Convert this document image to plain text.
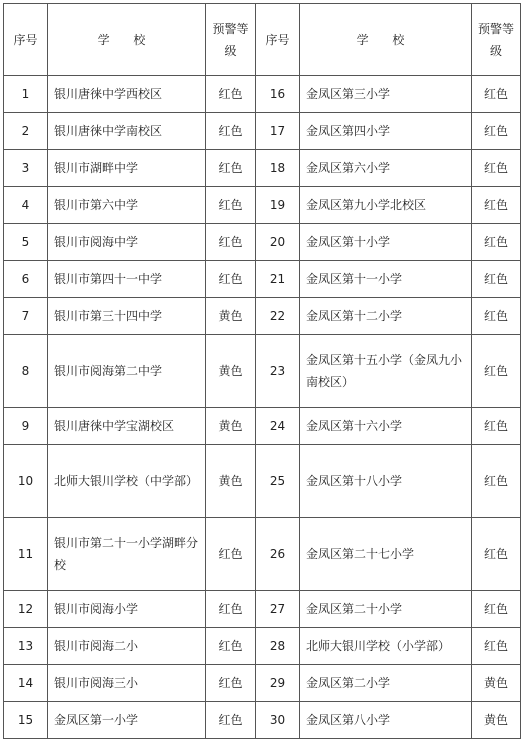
序号	学 校	预警等级	序号	学 校	预警等级
1	银川唐徕中学西校区	红色	16	金凤区第三小学	红色
2	银川唐徕中学南校区	红色	17	金凤区第四小学	红色
3	银川市湖畔中学	红色	18	金凤区第六小学	红色
4	银川市第六中学	红色	19	金凤区第九小学北校区	红色
5	银川市阅海中学	红色	20	金凤区第十小学	红色
6	银川市第四十一中学	红色	21	金凤区第十一小学	红色
7	银川市第三十四中学	黄色	22	金凤区第十二小学	红色
8	银川市阅海第二中学	黄色	23	金凤区第十五小学（金凤九小南校区）	红色
9	银川唐徕中学宝湖校区	黄色	24	金凤区第十六小学	红色
10	北师大银川学校（中学部）	黄色	25	金凤区第十八小学	红色
11	银川市第二十一小学湖畔分校	红色	26	金凤区第二十七小学	红色
12	银川市阅海小学	红色	27	金凤区第二十小学	红色
13	银川市阅海二小	红色	28	北师大银川学校（小学部）	红色
14	银川市阅海三小	红色	29	金凤区第二小学	黄色
15	金凤区第一小学	红色	30	金凤区第八小学	黄色
